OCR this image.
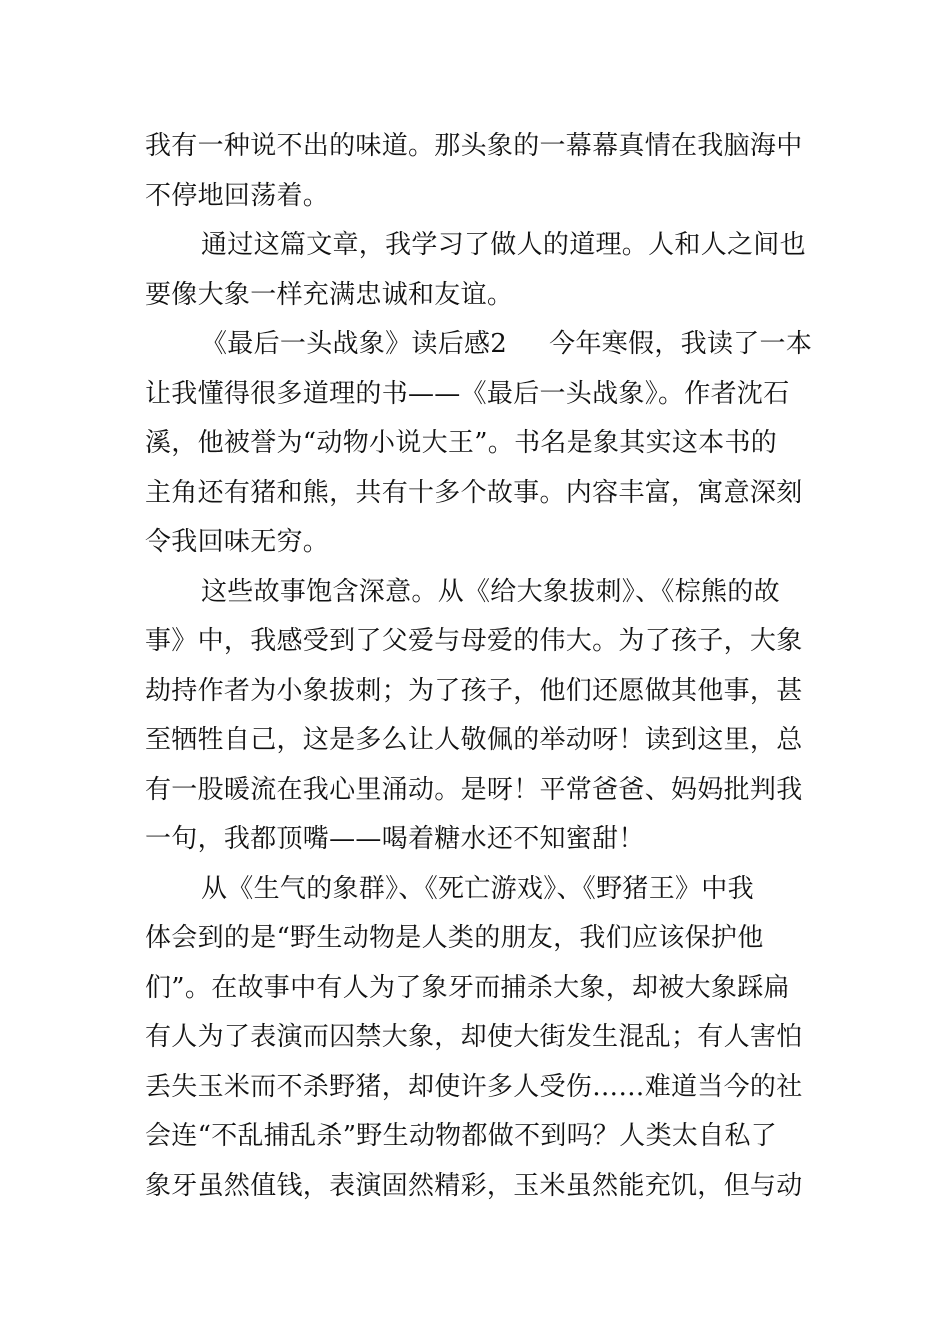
我有一种说不出的味道。那头象的一幕幕真情在我脑海中
不停地回荡着。
通过这篇文章，我学习了做人的道理。人和人之间也
要像大象一样充满忠诚和友谊。
《最后一头战象》读后感2 今年寒假，我读了一本
让我懂得很多道理的书——《最后一头战象》。作者沈石
溪，他被誉为“动物小说大王”。书名是象其实这本书的
主角还有猪和熊，共有十多个故事。内容丰富，寓意深刻
令我回味无穷。
这些故事饱含深意。从《给大象拔刺》、《棕熊的故
事》中，我感受到了父爱与母爱的伟大。为了孩子，大象
劫持作者为小象拔刺；为了孩子，他们还愿做其他事，甚
至牺牲自己，这是多么让人敬佩的举动呀！读到这里，总
有一股暖流在我心里涌动。是呀！平常爸爸、妈妈批判我
一句，我都顶嘴——喝着糖水还不知蜜甜！
从《生气的象群》、《死亡游戏》、《野猪王》中我
体会到的是“野生动物是人类的朋友，我们应该保护他
们”。在故事中有人为了象牙而捕杀大象，却被大象踩扁
有人为了表演而囚禁大象，却使大街发生混乱；有人害怕
丢失玉米而不杀野猪，却使许多人受伤……难道当今的社
会连“不乱捕乱杀”野生动物都做不到吗？人类太自私了
象牙虽然值钱，表演固然精彩，玉米虽然能充饥，但与动
